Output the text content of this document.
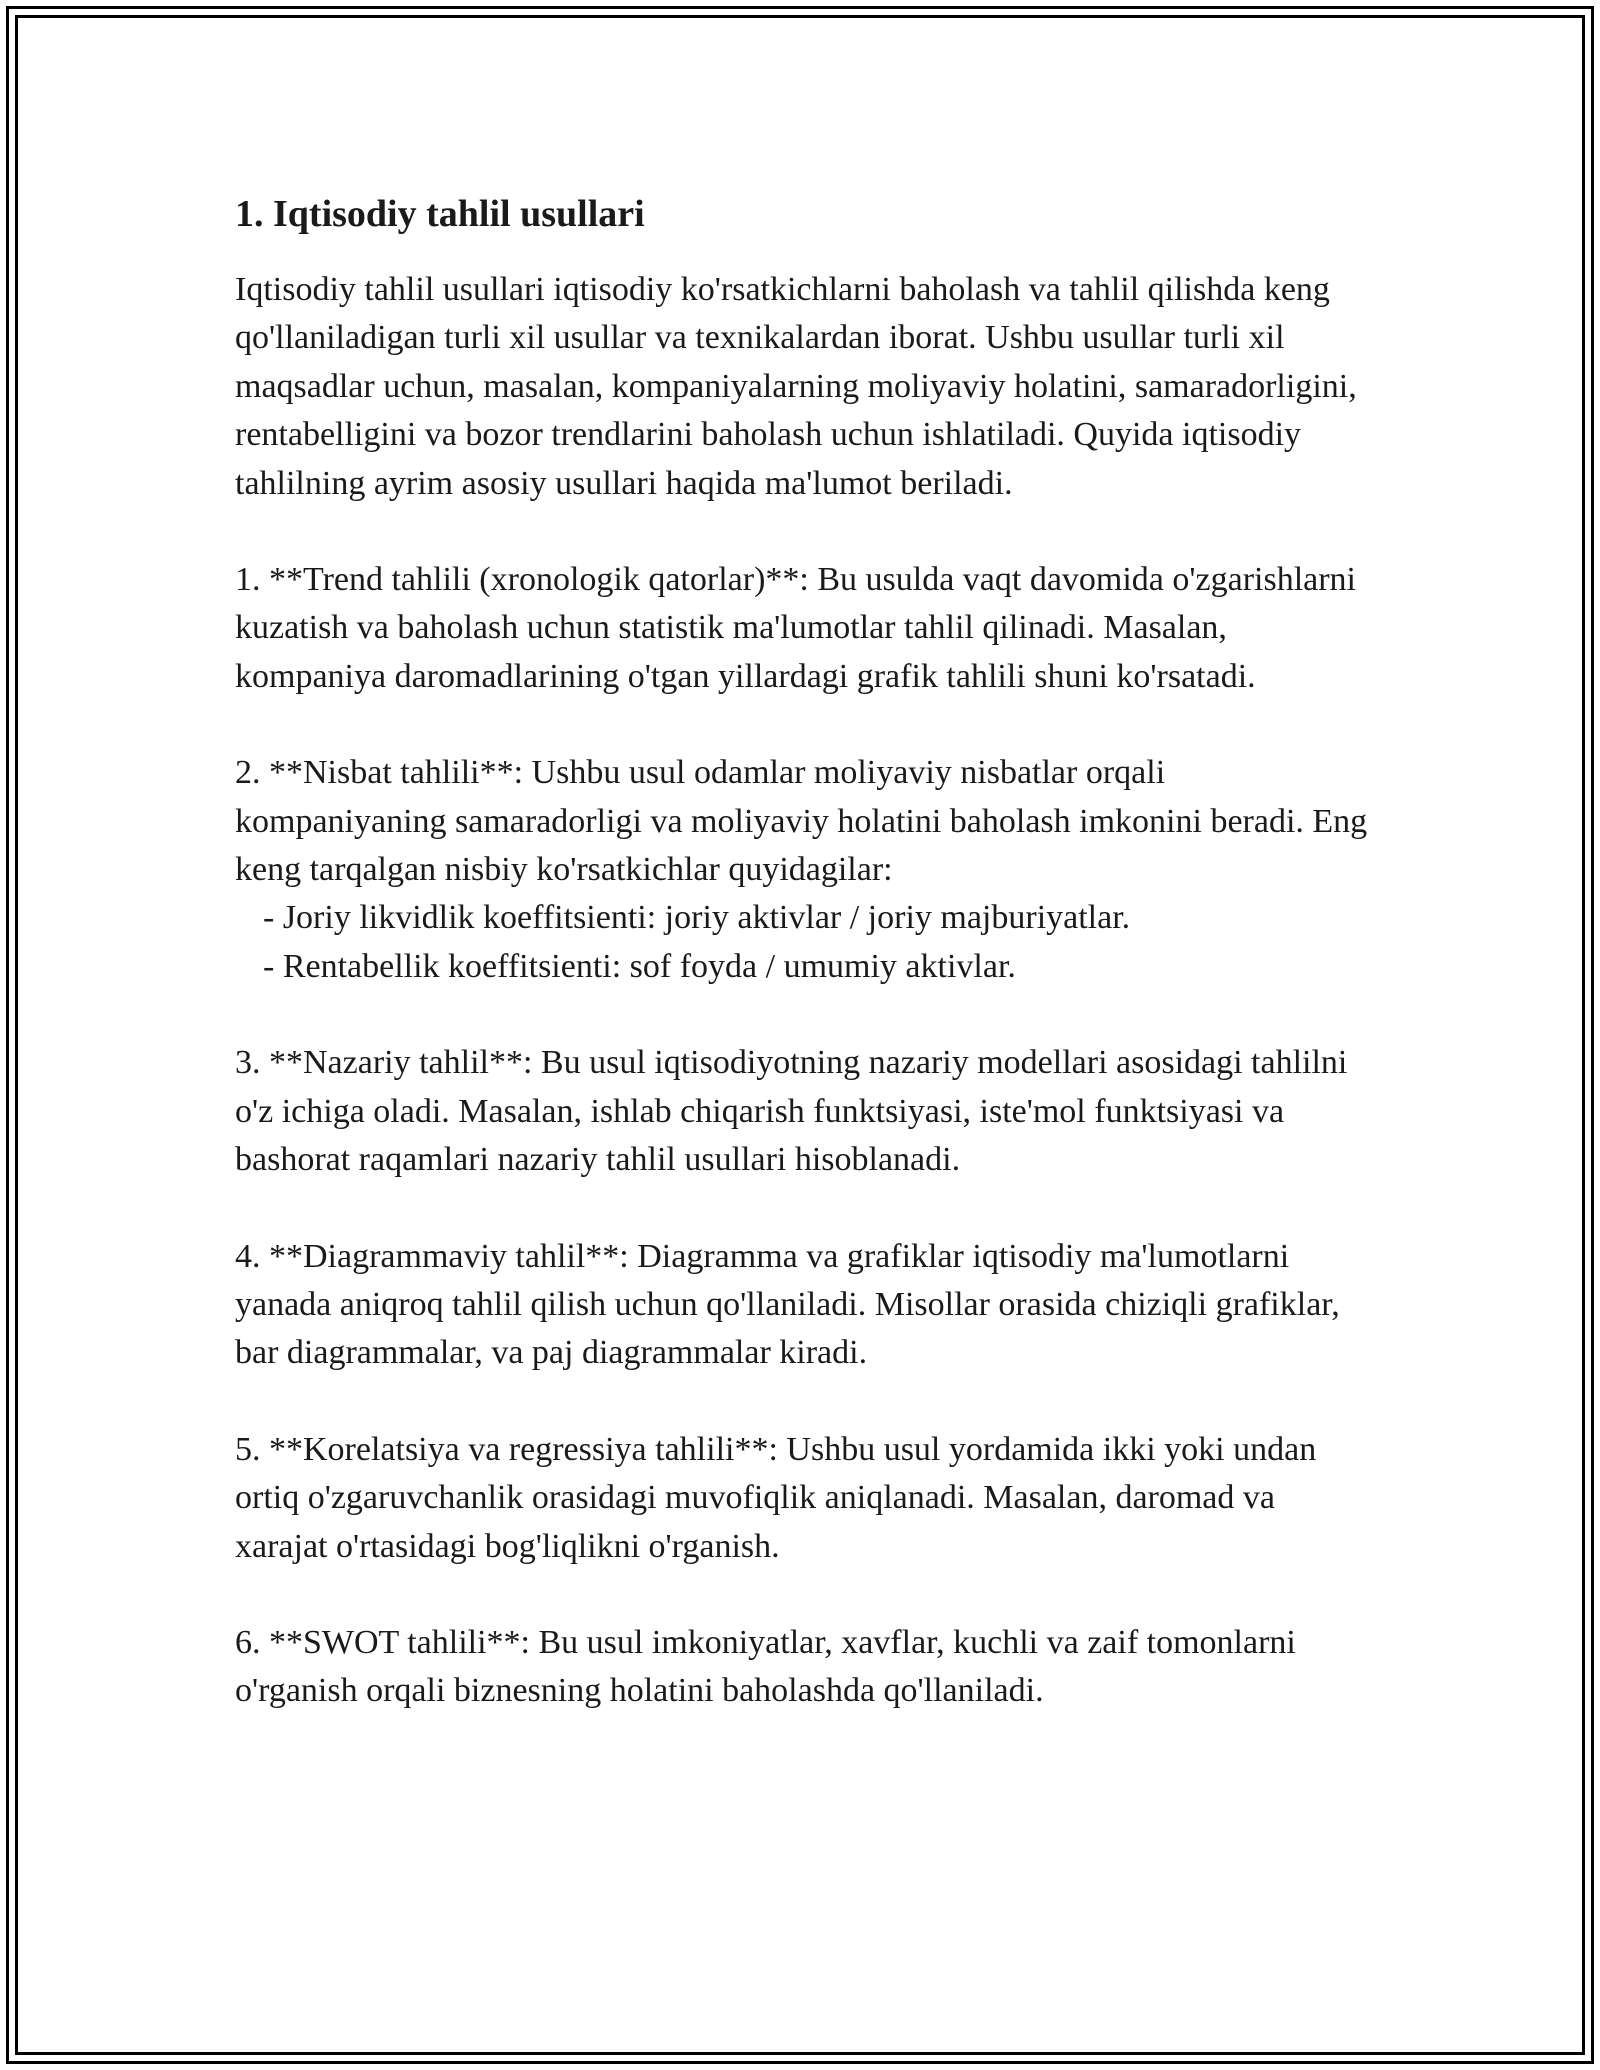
1. Iqtisodiy tahlil usullari

Iqtisodiy tahlil usullari iqtisodiy ko'rsatkichlarni baholash va tahlil qilishda keng qo'llaniladigan turli xil usullar va texnikalardan iborat. Ushbu usullar turli xil maqsadlar uchun, masalan, kompaniyalarning moliyaviy holatini, samaradorligini, rentabelligini va bozor trendlarini baholash uchun ishlatiladi. Quyida iqtisodiy tahlilning ayrim asosiy usullari haqida ma'lumot beriladi.

1. **Trend tahlili (xronologik qatorlar)**: Bu usulda vaqt davomida o'zgarishlarni kuzatish va baholash uchun statistik ma'lumotlar tahlil qilinadi. Masalan, kompaniya daromadlarining o'tgan yillardagi grafik tahlili shuni ko'rsatadi.

2. **Nisbat tahlili**: Ushbu usul odamlar moliyaviy nisbatlar orqali kompaniyaning samaradorligi va moliyaviy holatini baholash imkonini beradi. Eng keng tarqalgan nisbiy ko'rsatkichlar quyidagilar:
- Joriy likvidlik koeffitsienti: joriy aktivlar / joriy majburiyatlar.
- Rentabellik koeffitsienti: sof foyda / umumiy aktivlar.

3. **Nazariy tahlil**: Bu usul iqtisodiyotning nazariy modellari asosidagi tahlilni o'z ichiga oladi. Masalan, ishlab chiqarish funktsiyasi, iste'mol funktsiyasi va bashorat raqamlari nazariy tahlil usullari hisoblanadi.

4. **Diagrammaviy tahlil**: Diagramma va grafiklar iqtisodiy ma'lumotlarni yanada aniqroq tahlil qilish uchun qo'llaniladi. Misollar orasida chiziqli grafiklar, bar diagrammalar, va paj diagrammalar kiradi.

5. **Korelatsiya va regressiya tahlili**: Ushbu usul yordamida ikki yoki undan ortiq o'zgaruvchanlik orasidagi muvofiqlik aniqlanadi. Masalan, daromad va xarajat o'rtasidagi bog'liqlikni o'rganish.

6. **SWOT tahlili**: Bu usul imkoniyatlar, xavflar, kuchli va zaif tomonlarni o'rganish orqali biznesning holatini baholashda qo'llaniladi.
